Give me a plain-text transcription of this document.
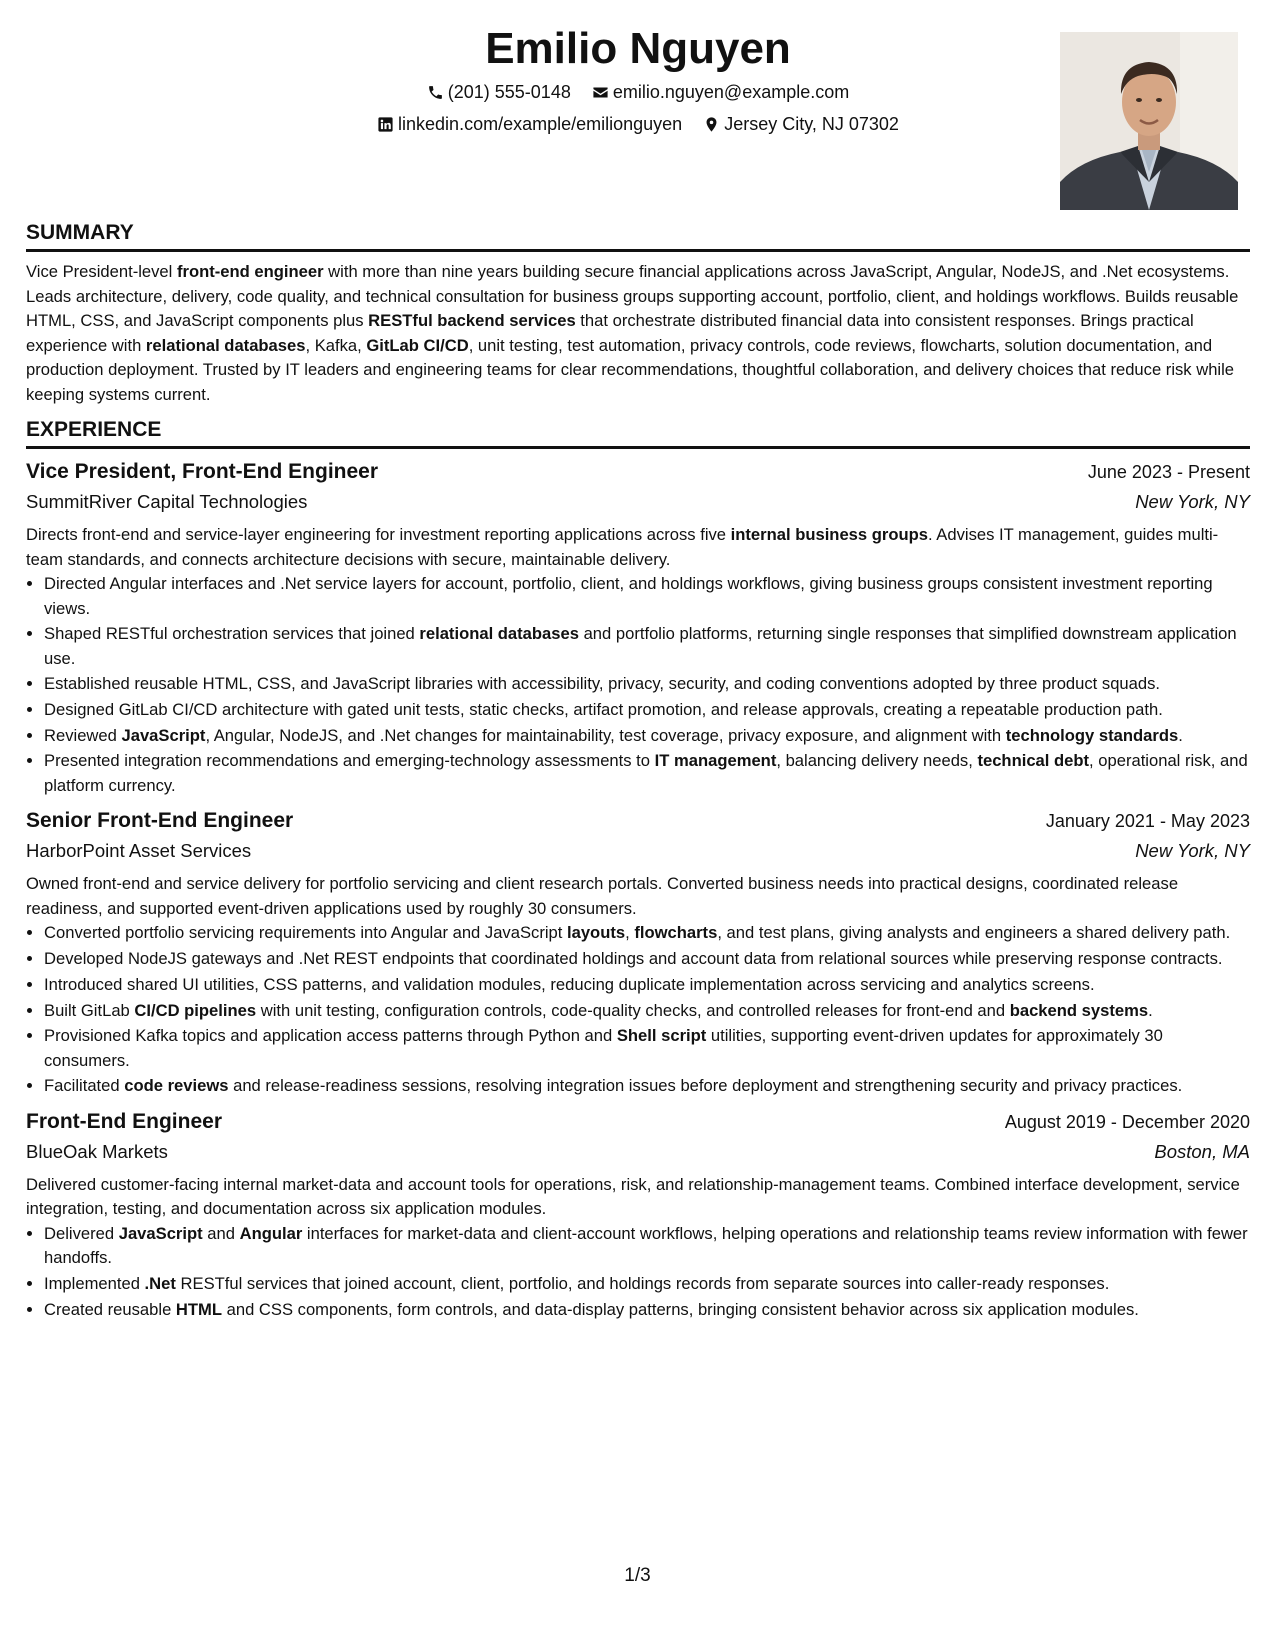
Emilio Nguyen
(201) 555-0148
emilio.nguyen@example.com
linkedin.com/example/emilionguyen
Jersey City, NJ 07302
SUMMARY

Vice President-level front-end engineer with more than nine years building secure financial applications across JavaScript, Angular, NodeJS, and .Net ecosystems. Leads architecture, delivery, code quality, and technical consultation for business groups supporting account, portfolio, client, and holdings workflows. Builds reusable HTML, CSS, and JavaScript components plus RESTful backend services that orchestrate distributed financial data into consistent responses. Brings practical experience with relational databases, Kafka, GitLab CI/CD, unit testing, test automation, privacy controls, code reviews, flowcharts, solution documentation, and production deployment. Trusted by IT leaders and engineering teams for clear recommendations, thoughtful collaboration, and delivery choices that reduce risk while keeping systems current.

EXPERIENCE
Vice President, Front-End Engineer	June 2023 - Present
SummitRiver Capital Technologies	New York, NY

Directs front-end and service-layer engineering for investment reporting applications across five internal business groups. Advises IT management, guides multi-team standards, and connects architecture decisions with secure, maintainable delivery.

• Directed Angular interfaces and .Net service layers for account, portfolio, client, and holdings workflows, giving business groups consistent investment reporting views.
• Shaped RESTful orchestration services that joined relational databases and portfolio platforms, returning single responses that simplified downstream application use.
• Established reusable HTML, CSS, and JavaScript libraries with accessibility, privacy, security, and coding conventions adopted by three product squads.
• Designed GitLab CI/CD architecture with gated unit tests, static checks, artifact promotion, and release approvals, creating a repeatable production path.
• Reviewed JavaScript, Angular, NodeJS, and .Net changes for maintainability, test coverage, privacy exposure, and alignment with technology standards.
• Presented integration recommendations and emerging-technology assessments to IT management, balancing delivery needs, technical debt, operational risk, and platform currency.
Senior Front-End Engineer	January 2021 - May 2023
HarborPoint Asset Services	New York, NY

Owned front-end and service delivery for portfolio servicing and client research portals. Converted business needs into practical designs, coordinated release readiness, and supported event-driven applications used by roughly 30 consumers.

• Converted portfolio servicing requirements into Angular and JavaScript layouts, flowcharts, and test plans, giving analysts and engineers a shared delivery path.
• Developed NodeJS gateways and .Net REST endpoints that coordinated holdings and account data from relational sources while preserving response contracts.
• Introduced shared UI utilities, CSS patterns, and validation modules, reducing duplicate implementation across servicing and analytics screens.
• Built GitLab CI/CD pipelines with unit testing, configuration controls, code-quality checks, and controlled releases for front-end and backend systems.
• Provisioned Kafka topics and application access patterns through Python and Shell script utilities, supporting event-driven updates for approximately 30 consumers.
• Facilitated code reviews and release-readiness sessions, resolving integration issues before deployment and strengthening security and privacy practices.
Front-End Engineer	August 2019 - December 2020
BlueOak Markets	Boston, MA

Delivered customer-facing internal market-data and account tools for operations, risk, and relationship-management teams. Combined interface development, service integration, testing, and documentation across six application modules.

• Delivered JavaScript and Angular interfaces for market-data and client-account workflows, helping operations and relationship teams review information with fewer handoffs.
• Implemented .Net RESTful services that joined account, client, portfolio, and holdings records from separate sources into caller-ready responses.
• Created reusable HTML and CSS components, form controls, and data-display patterns, bringing consistent behavior across six application modules.
1/3
